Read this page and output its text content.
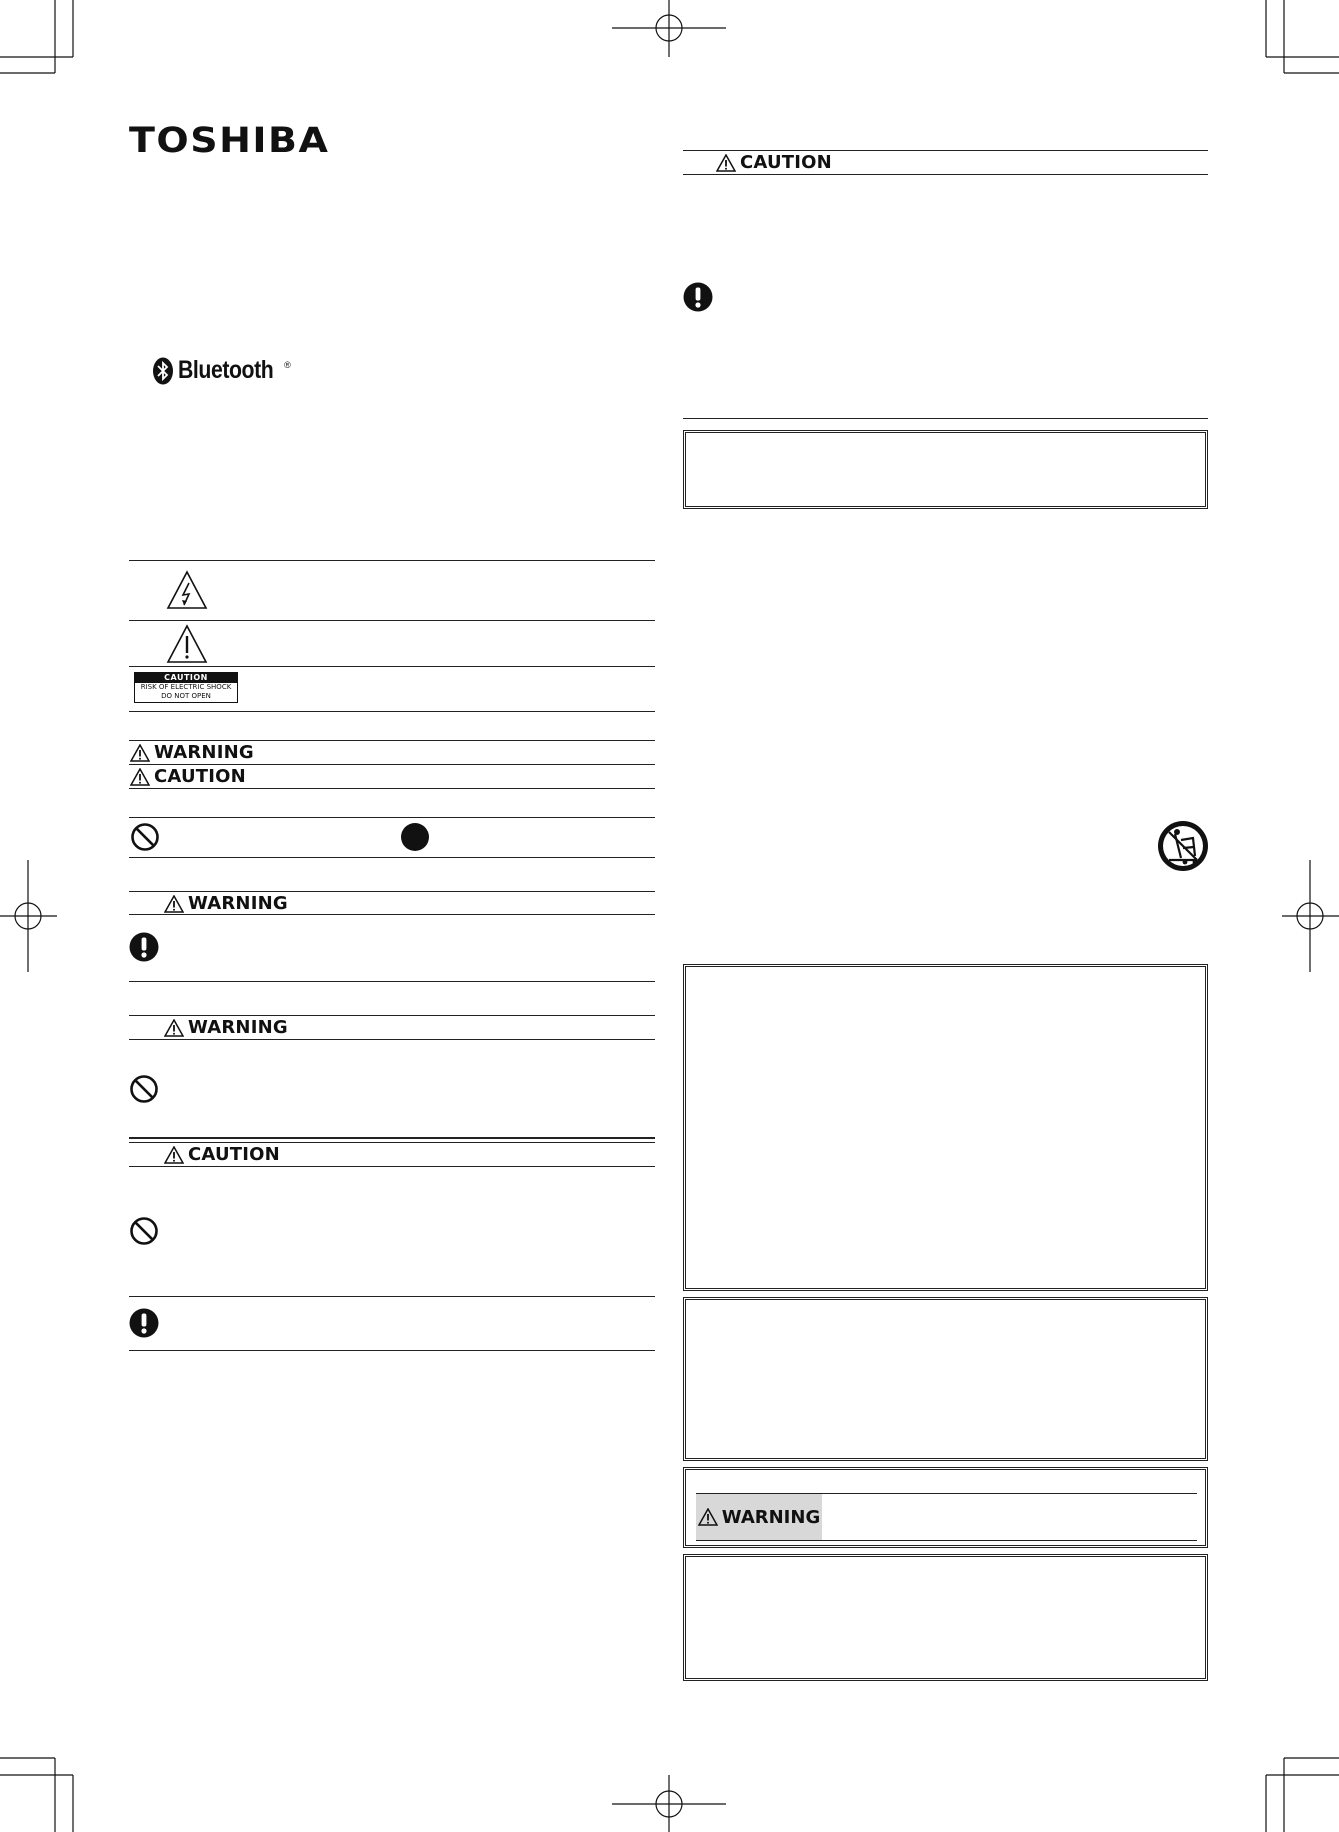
TOSHIBA
Bluetooth ®
CAUTION
RISK OF ELECTRIC SHOCK
DO NOT OPEN
WARNING
CAUTION
WARNING
WARNING
CAUTION
CAUTION
WARNING
